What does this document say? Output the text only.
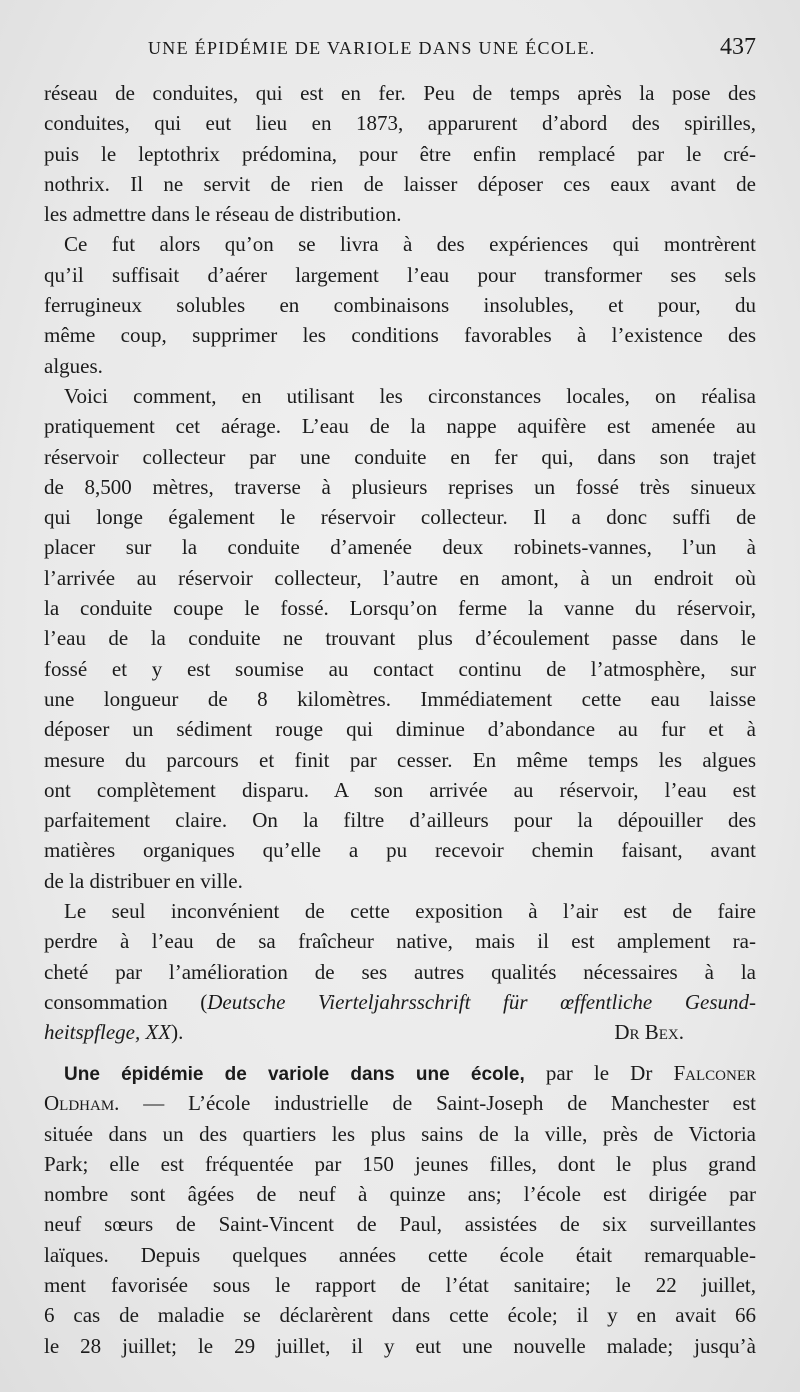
UNE ÉPIDÉMIE DE VARIOLE DANS UNE ÉCOLE.	437
réseau de conduites, qui est en fer. Peu de temps après la pose des
conduites, qui eut lieu en 1873, apparurent d’abord des spirilles,
puis le leptothrix prédomina, pour être enfin remplacé par le cré-
nothrix. Il ne servit de rien de laisser déposer ces eaux avant de
les admettre dans le réseau de distribution.
Ce fut alors qu’on se livra à des expériences qui montrèrent
qu’il suffisait d’aérer largement l’eau pour transformer ses sels
ferrugineux solubles en combinaisons insolubles, et pour, du
même coup, supprimer les conditions favorables à l’existence des
algues.
Voici comment, en utilisant les circonstances locales, on réalisa
pratiquement cet aérage. L’eau de la nappe aquifère est amenée au
réservoir collecteur par une conduite en fer qui, dans son trajet
de 8,500 mètres, traverse à plusieurs reprises un fossé très sinueux
qui longe également le réservoir collecteur. Il a donc suffi de
placer sur la conduite d’amenée deux robinets-vannes, l’un à
l’arrivée au réservoir collecteur, l’autre en amont, à un endroit où
la conduite coupe le fossé. Lorsqu’on ferme la vanne du réservoir,
l’eau de la conduite ne trouvant plus d’écoulement passe dans le
fossé et y est soumise au contact continu de l’atmosphère, sur
une longueur de 8 kilomètres. Immédiatement cette eau laisse
déposer un sédiment rouge qui diminue d’abondance au fur et à
mesure du parcours et finit par cesser. En même temps les algues
ont complètement disparu. A son arrivée au réservoir, l’eau est
parfaitement claire. On la filtre d’ailleurs pour la dépouiller des
matières organiques qu’elle a pu recevoir chemin faisant, avant
de la distribuer en ville.
Le seul inconvénient de cette exposition à l’air est de faire
perdre à l’eau de sa fraîcheur native, mais il est amplement ra-
cheté par l’amélioration de ses autres qualités nécessaires à la
consommation (Deutsche Vierteljahrsschrift für œffentliche Gesund-
heitspflege, XX).	Dr Bex.
Une épidémie de variole dans une école, par le Dr Falconer
Oldham. — L’école industrielle de Saint-Joseph de Manchester est
située dans un des quartiers les plus sains de la ville, près de Victoria
Park; elle est fréquentée par 150 jeunes filles, dont le plus grand
nombre sont âgées de neuf à quinze ans; l’école est dirigée par
neuf sœurs de Saint-Vincent de Paul, assistées de six surveillantes
laïques. Depuis quelques années cette école était remarquable-
ment favorisée sous le rapport de l’état sanitaire; le 22 juillet,
6 cas de maladie se déclarèrent dans cette école; il y en avait 66
le 28 juillet; le 29 juillet, il y eut une nouvelle malade; jusqu’à
